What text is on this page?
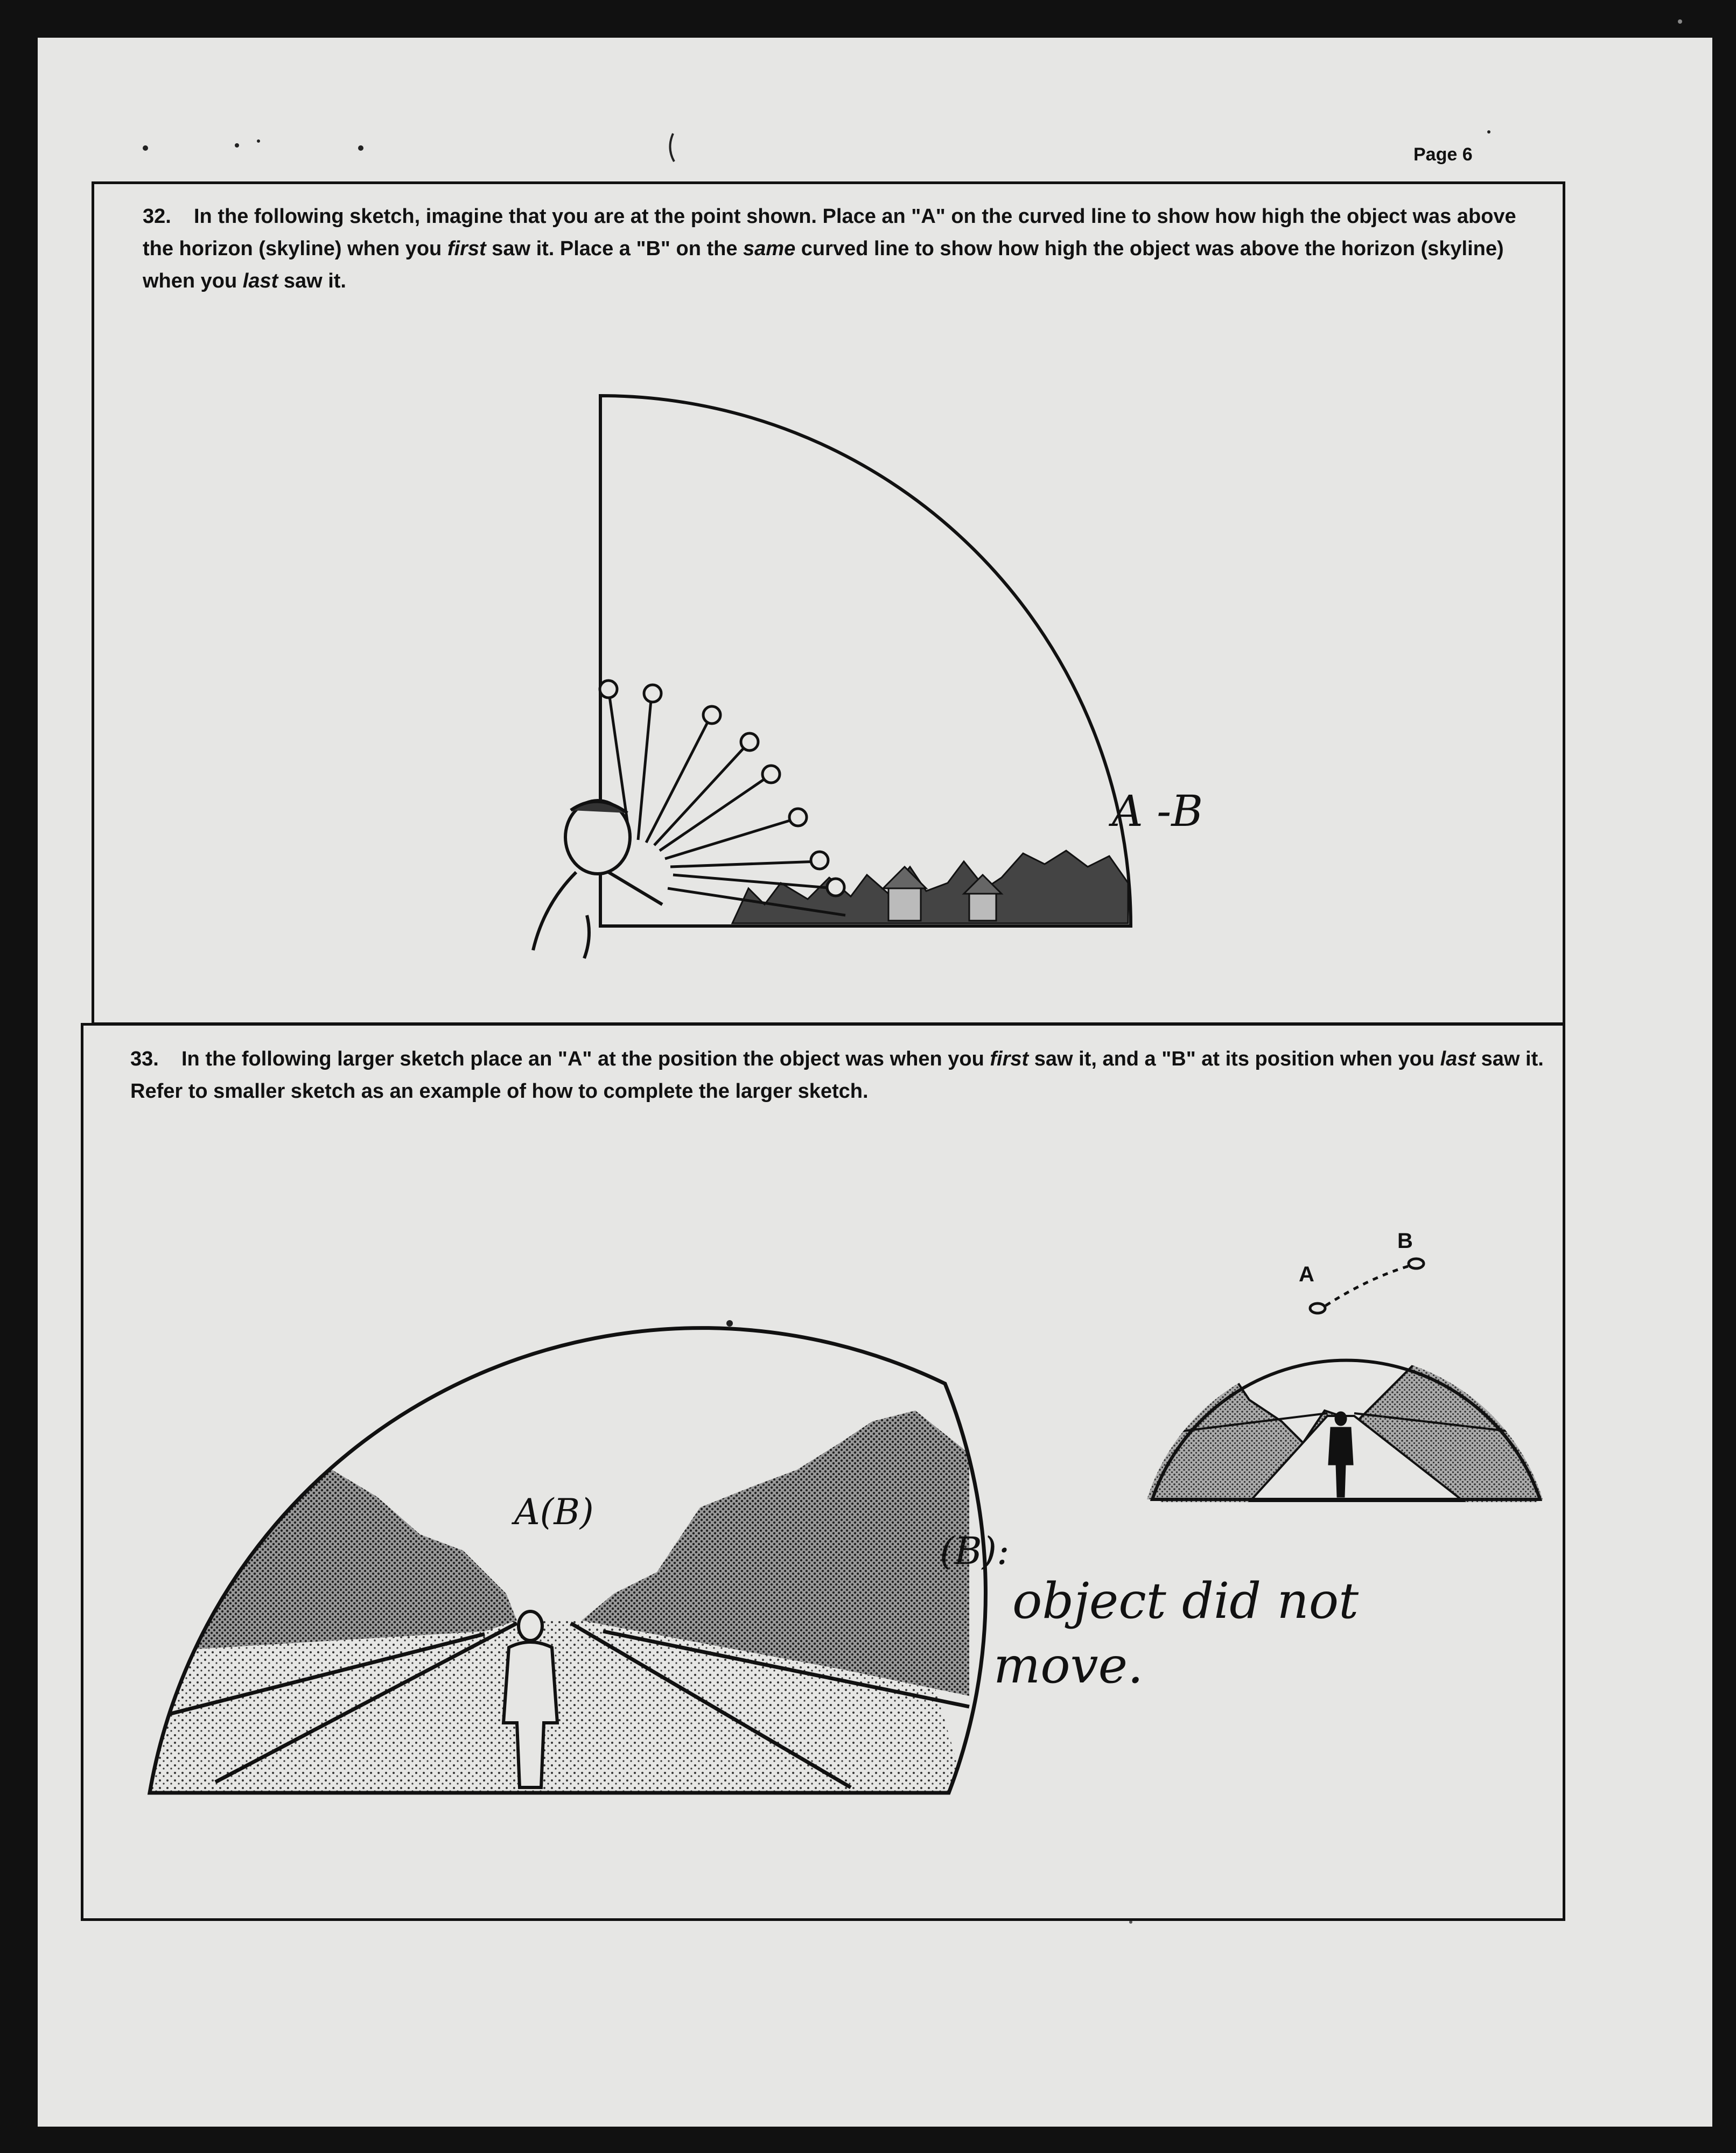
Page 6
32. In the following sketch, imagine that you are at the point shown. Place an "A" on the curved line to show how high the object was above the horizon (skyline) when you first saw it. Place a "B" on the same curved line to show how high the object was above the horizon (skyline) when you last saw it.
A -B
33. In the following larger sketch place an "A" at the position the object was when you first saw it, and a "B" at its position when you last saw it. Refer to smaller sketch as an example of how to complete the larger sketch.
A(B)
(B):
object did not
move.
A
B
